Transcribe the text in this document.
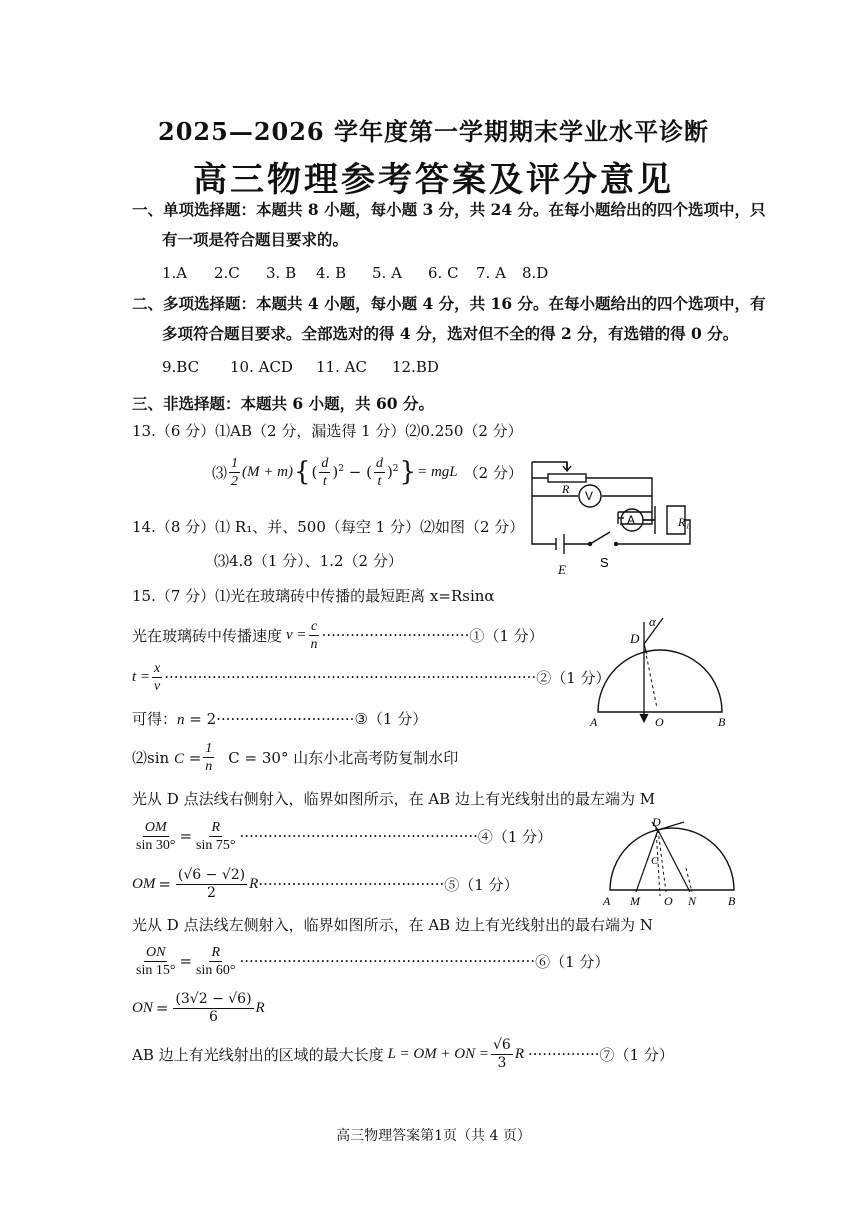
2025—2026 学年度第一学期期末学业水平诊断
高三物理参考答案及评分意见
一、单项选择题：本题共 8 小题，每小题 3 分，共 24 分。在每小题给出的四个选项中，只
有一项是符合题目要求的。
1.A 2.C 3. B 4. B 5. A 6. C 7. A 8.D
二、多项选择题：本题共 4 小题，每小题 4 分，共 16 分。在每小题给出的四个选项中，有
多项符合题目要求。全部选对的得 4 分，选对但不全的得 2 分，有选错的得 0 分。
9.BC 10. ACD 11. AC 12.BD
三、非选择题：本题共 6 小题，共 60 分。
13.（6 分）⑴AB（2 分，漏选得 1 分）⑵0.250（2 分）
⑶ $\frac{1}{2} (M + m)$ { ( $\frac{d}{t} )^2$ − ( $\frac{d}{t} )^2$ } = mgL （2 分）
14.（8 分）⑴ R₁、并、500（每空 1 分）⑵如图（2 分）
⑶4.8（1 分）、1.2（2 分）
R V
A	R₁
E	S
15.（7 分）⑴光在玻璃砖中传播的最短距离 x=Rsinα
光在玻璃砖中传播速度 $v = \frac{c}{n}$ ······························· ①（1 分）
$t = \frac{x}{v}$ ·············································································· ②（1 分）
可得：n = 2·····························③（1 分）
⑵sin $C = \frac{1}{n}$ C = 30° 山东小北高考防复制水印
光从 D 点法线右侧射入，临界如图所示，在 AB 边上有光线射出的最左端为 M
$\frac{OM}{\sin 30^\circ} = \frac{R}{\sin 75^\circ}$ ·················································· ④（1 分）
OM = $\frac{(√6 - √2)}{2}$ R ······································· ⑤（1 分）
光从 D 点法线左侧射入，临界如图所示，在 AB 边上有光线射出的最右端为 N
$\frac{ON}{\sin 15^\circ} = \frac{R}{\sin 60^\circ}$ ······························································ ⑥（1 分）
ON = $\frac{(3√2 - √6)}{6}$ R
AB 边上有光线射出的区域的最大长度 L = OM + ON = $\frac{√6}{3}$ R ··············· ⑦（1 分）
D
α
A	O	B
D
C
A M O N	B
高三物理答案第1页（共 4 页）
